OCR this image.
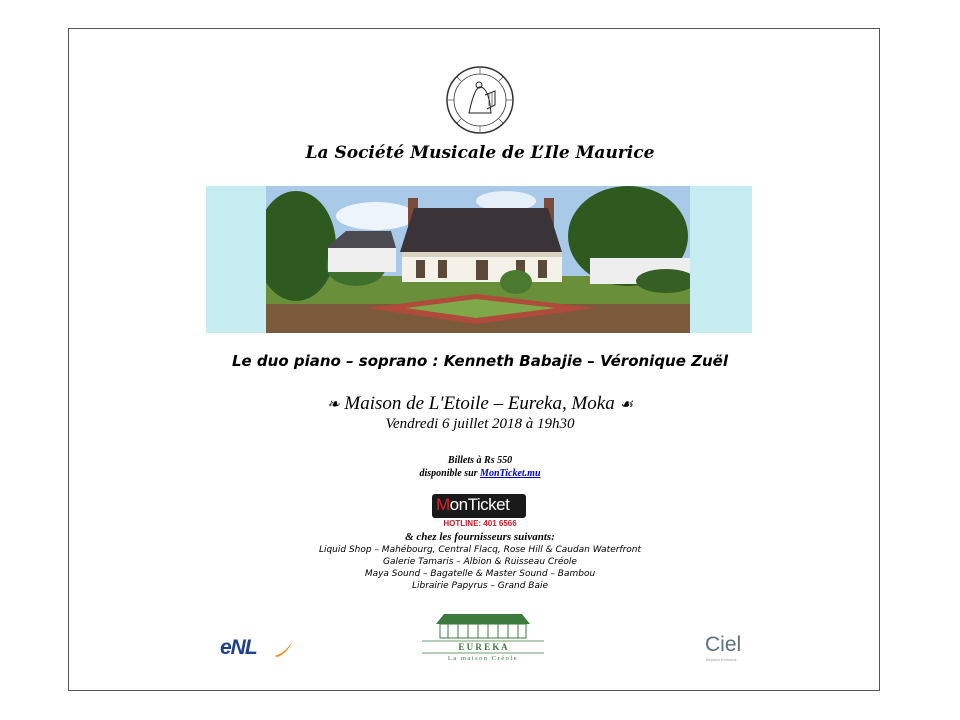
La Société Musicale de L’Ile Maurice
Le duo piano – soprano : Kenneth Babajie – Véronique Zuël
❧ Maison de L'Etoile – Eureka, Moka ☙
Vendredi 6 juillet 2018 à 19h30
Billets à Rs 550
disponible sur MonTicket.mu
MonTicket
HOTLINE: 401 6566
& chez les fournisseurs suivants:
Liquid Shop – Mahébourg, Central Flacq, Rose Hill & Caudan Waterfront
Galerie Tamaris – Albion & Ruisseau Créole
Maya Sound – Bagatelle & Master Sound – Bambou
Librairie Papyrus – Grand Baie
eNL	E U R E K A
La maison Créole
Ciel
Beyond Horizons
